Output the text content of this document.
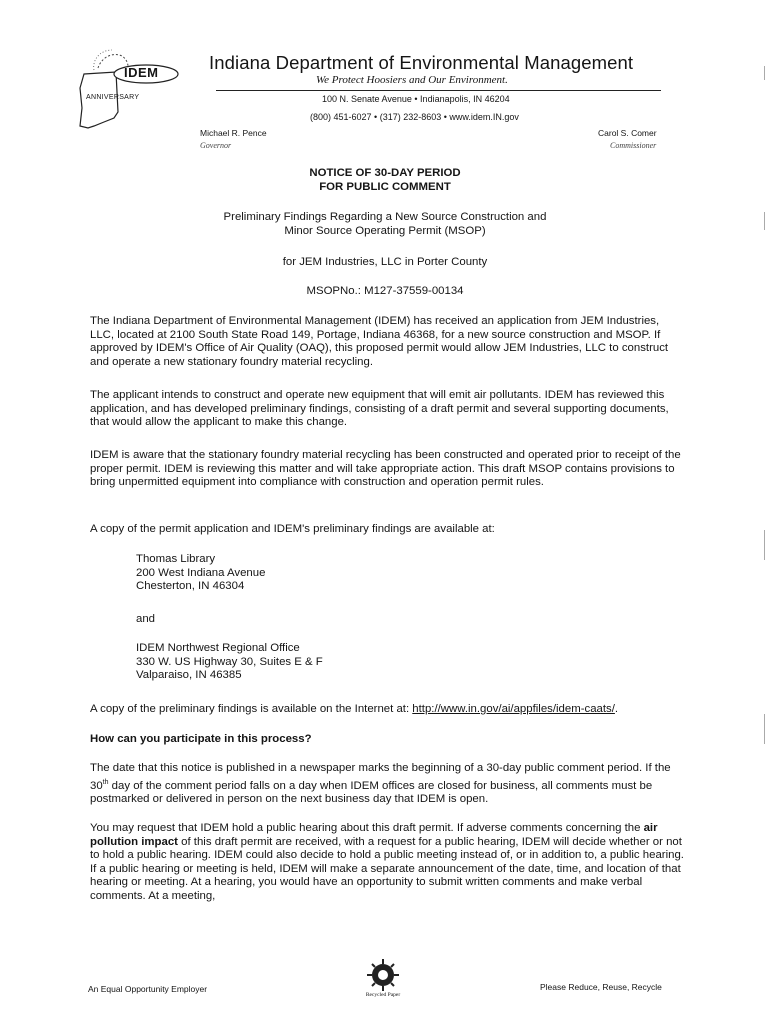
IDEM
ANNIVERSARY
Indiana Department of Environmental Management
We Protect Hoosiers and Our Environment.
100 N. Senate Avenue • Indianapolis, IN 46204
(800) 451-6027 • (317) 232-8603 • www.idem.IN.gov
Michael R. Pence
Governor
Carol S. Comer
Commissioner
NOTICE OF 30-DAY PERIOD
FOR PUBLIC COMMENT
Preliminary Findings Regarding a New Source Construction and
Minor Source Operating Permit (MSOP)
for JEM Industries, LLC in Porter County
MSOPNo.: M127-37559-00134

The Indiana Department of Environmental Management (IDEM) has received an application from JEM Industries, LLC, located at 2100 South State Road 149, Portage, Indiana 46368, for a new source construction and MSOP. If approved by IDEM's Office of Air Quality (OAQ), this proposed permit would allow JEM Industries, LLC to construct and operate a new stationary foundry material recycling.

The applicant intends to construct and operate new equipment that will emit air pollutants. IDEM has reviewed this application, and has developed preliminary findings, consisting of a draft permit and several supporting documents, that would allow the applicant to make this change.

IDEM is aware that the stationary foundry material recycling has been constructed and operated prior to receipt of the proper permit. IDEM is reviewing this matter and will take appropriate action. This draft MSOP contains provisions to bring unpermitted equipment into compliance with construction and operation permit rules.

A copy of the permit application and IDEM's preliminary findings are available at:

Thomas Library
200 West Indiana Avenue
Chesterton, IN 46304
and
IDEM Northwest Regional Office
330 W. US Highway 30, Suites E & F
Valparaiso, IN 46385

A copy of the preliminary findings is available on the Internet at: http://www.in.gov/ai/appfiles/idem-caats/.

How can you participate in this process?

The date that this notice is published in a newspaper marks the beginning of a 30-day public comment period. If the 30th day of the comment period falls on a day when IDEM offices are closed for business, all comments must be postmarked or delivered in person on the next business day that IDEM is open.

You may request that IDEM hold a public hearing about this draft permit. If adverse comments concerning the air pollution impact of this draft permit are received, with a request for a public hearing, IDEM will decide whether or not to hold a public hearing. IDEM could also decide to hold a public meeting instead of, or in addition to, a public hearing. If a public hearing or meeting is held, IDEM will make a separate announcement of the date, time, and location of that hearing or meeting. At a hearing, you would have an opportunity to submit written comments and make verbal comments. At a meeting,

An Equal Opportunity Employer
Recycled Paper
Please Reduce, Reuse, Recycle
